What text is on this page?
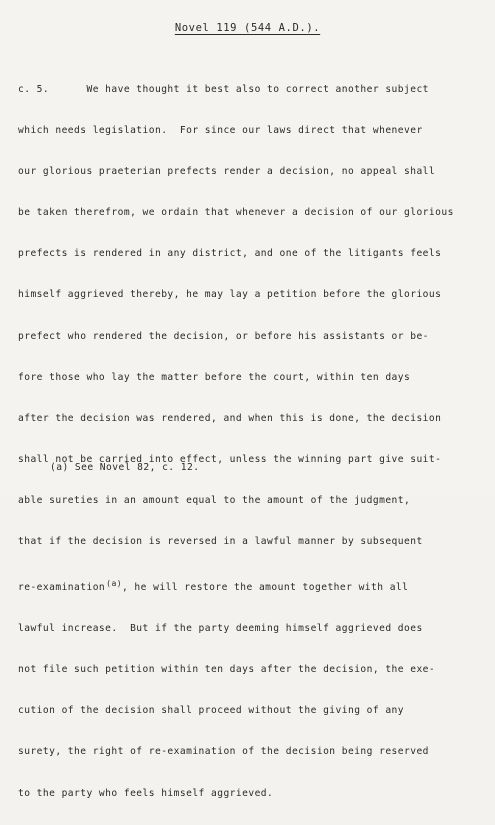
Novel 119 (544 A.D.).

c. 5.      We have thought it best also to correct another subject

which needs legislation.  For since our laws direct that whenever

our glorious praeterian prefects render a decision, no appeal shall

be taken therefrom, we ordain that whenever a decision of our glorious

prefects is rendered in any district, and one of the litigants feels

himself aggrieved thereby, he may lay a petition before the glorious

prefect who rendered the decision, or before his assistants or be-

fore those who lay the matter before the court, within ten days

after the decision was rendered, and when this is done, the decision

shall not be carried into effect, unless the winning part give suit-

able sureties in an amount equal to the amount of the judgment,

that if the decision is reversed in a lawful manner by subsequent

re-examination$^{(a)}$, he will restore the amount together with all

lawful increase.  But if the party deeming himself aggrieved does

not file such petition within ten days after the decision, the exe-

cution of the decision shall proceed without the giving of any

surety, the right of re-examination of the decision being reserved

to the party who feels himself aggrieved.

(a) See Novel 82, c. 12.
